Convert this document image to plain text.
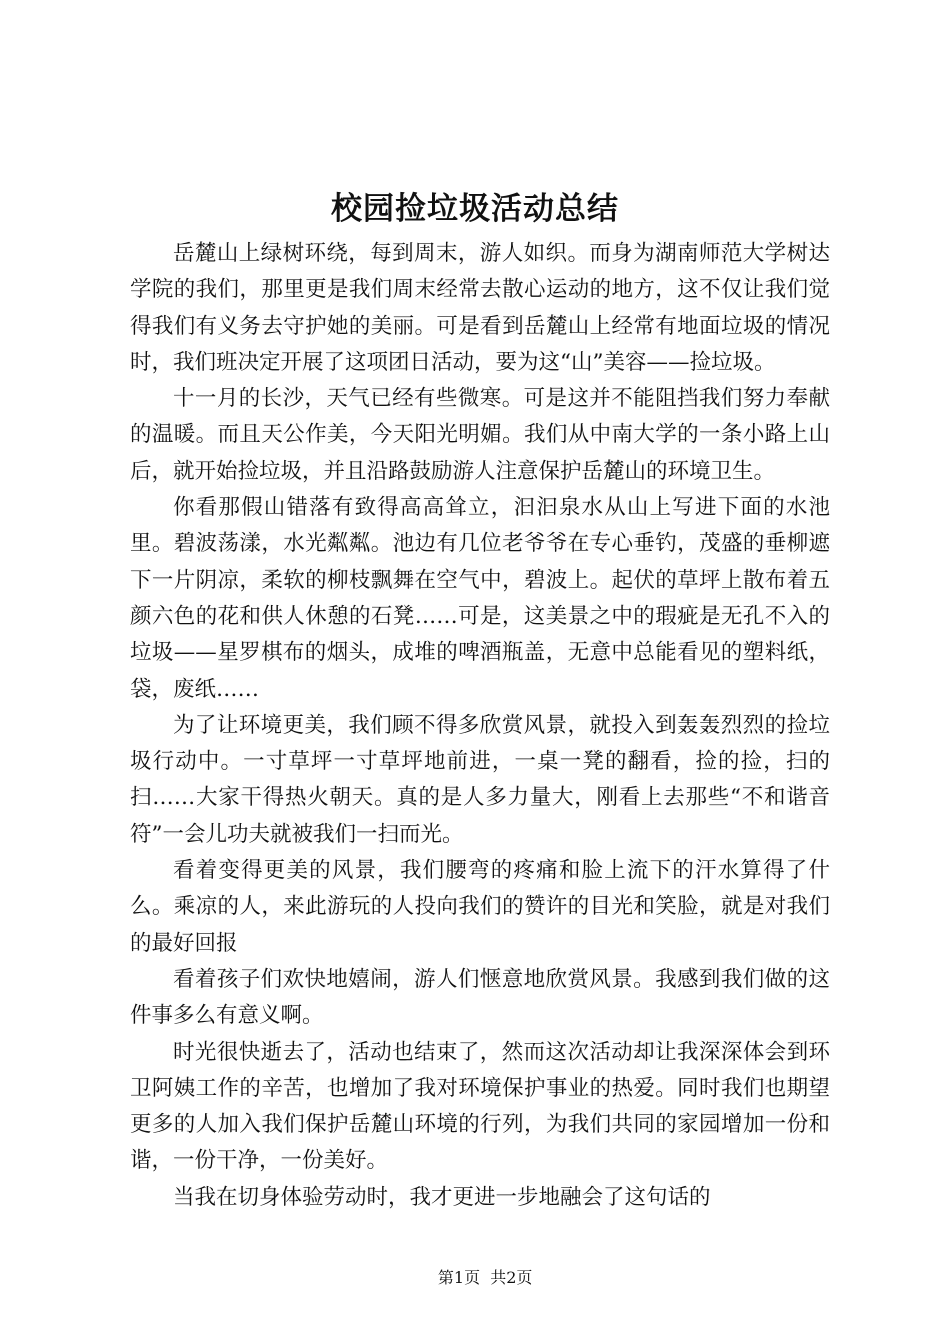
校园捡垃圾活动总结

岳麓山上绿树环绕，每到周末，游人如织。而身为湖南师范大学树达学院的我们，那里更是我们周末经常去散心运动的地方，这不仅让我们觉得我们有义务去守护她的美丽。可是看到岳麓山上经常有地面垃圾的情况时，我们班决定开展了这项团日活动，要为这“山”美容——捡垃圾。

十一月的长沙，天气已经有些微寒。可是这并不能阻挡我们努力奉献的温暖。而且天公作美，今天阳光明媚。我们从中南大学的一条小路上山后，就开始捡垃圾，并且沿路鼓励游人注意保护岳麓山的环境卫生。

你看那假山错落有致得高高耸立，汩汩泉水从山上写进下面的水池里。碧波荡漾，水光粼粼。池边有几位老爷爷在专心垂钓，茂盛的垂柳遮下一片阴凉，柔软的柳枝飘舞在空气中，碧波上。起伏的草坪上散布着五颜六色的花和供人休憩的石凳……可是，这美景之中的瑕疵是无孔不入的垃圾——星罗棋布的烟头，成堆的啤酒瓶盖，无意中总能看见的塑料纸，袋，废纸……

为了让环境更美，我们顾不得多欣赏风景，就投入到轰轰烈烈的捡垃圾行动中。一寸草坪一寸草坪地前进，一桌一凳的翻看，捡的捡，扫的扫……大家干得热火朝天。真的是人多力量大，刚看上去那些“不和谐音符”一会儿功夫就被我们一扫而光。

看着变得更美的风景，我们腰弯的疼痛和脸上流下的汗水算得了什么。乘凉的人，来此游玩的人投向我们的赞许的目光和笑脸，就是对我们的最好回报

看着孩子们欢快地嬉闹，游人们惬意地欣赏风景。我感到我们做的这件事多么有意义啊。

时光很快逝去了，活动也结束了，然而这次活动却让我深深体会到环卫阿姨工作的辛苦，也增加了我对环境保护事业的热爱。同时我们也期望更多的人加入我们保护岳麓山环境的行列，为我们共同的家园增加一份和谐，一份干净，一份美好。

当我在切身体验劳动时，我才更进一步地融会了这句话的

第1页  共2页
